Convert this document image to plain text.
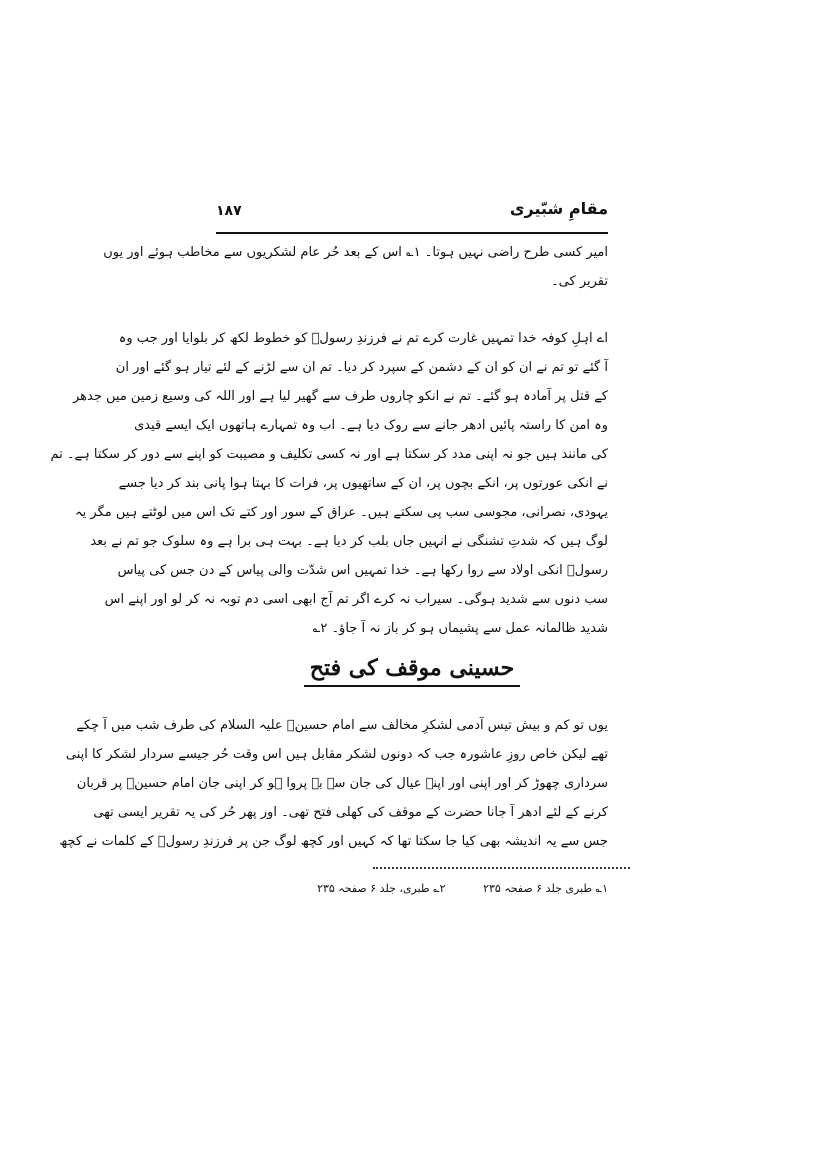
۱۸۷	مقامِ شبّیری
امیر کسی طرح راضی نہیں ہوتا۔ ۱؎ اس کے بعد حُر عام لشکریوں سے مخاطب ہوئے اور یوں
تقریر کی۔
اے اہلِ کوفہ خدا تمہیں غارت کرے تم نے فرزندِ رسولؐ کو خطوط لکھ کر بلوایا اور جب وہ
آ گئے تو تم نے ان کو ان کے دشمن کے سپرد کر دیا۔ تم ان سے لڑنے کے لئے تیار ہو گئے اور ان
کے قتل پر آمادہ ہو گئے۔ تم نے انکو چاروں طرف سے گھیر لیا ہے اور اللہ کی وسیع زمین میں جدھر
وہ امن کا راستہ پائیں ادھر جانے سے روک دیا ہے۔ اب وہ تمہارے ہاتھوں ایک ایسے قیدی
کی مانند ہیں جو نہ اپنی مدد کر سکتا ہے اور نہ کسی تکلیف و مصیبت کو اپنے سے دور کر سکتا ہے۔ تم
نے انکی عورتوں پر، انکے بچوں پر، ان کے ساتھیوں پر، فرات کا بہتا ہوا پانی بند کر دیا جسے
یہودی، نصرانی، مجوسی سب پی سکتے ہیں۔ عراق کے سور اور کتے تک اس میں لوٹتے ہیں مگر یہ
لوگ ہیں کہ شدتِ تشنگی نے انہیں جاں بلب کر دیا ہے۔ بہت ہی برا ہے وہ سلوک جو تم نے بعد
رسولؐ انکی اولاد سے روا رکھا ہے۔ خدا تمہیں اس شدّت والی پیاس کے دن جس کی پیاس
سب دنوں سے شدید ہوگی۔ سیراب نہ کرے اگر تم آج ابھی اسی دم توبہ نہ کر لو اور اپنے اس
شدید ظالمانہ عمل سے پشیماں ہو کر باز نہ آ جاؤ۔ ۲؎
حسینی موقف کی فتح
یوں تو کم و بیش تیس آدمی لشکرِ مخالف سے امام حسینؑ علیہ السلام کی طرف شب میں آ چکے
تھے لیکن خاص روزِ عاشورہ جب کہ دونوں لشکر مقابل ہیں اس وقت حُر جیسے سردار لشکر کا اپنی
سرداری چھوڑ کر اور اپنی اور اپنے عیال کی جان سے بے پروا ہو کر اپنی جان امام حسینؑ پر قربان
کرنے کے لئے ادھر آ جانا حضرت کے موقف کی کھلی فتح تھی۔ اور پھر حُر کی یہ تقریر ایسی تھی
جس سے یہ اندیشہ بھی کیا جا سکتا تھا کہ کہیں اور کچھ لوگ جن پر فرزندِ رسولؐ کے کلمات نے کچھ
۱؎ طبری جلد ۶ صفحہ ۲۳۵ ۲؎ طبری، جلد ۶ صفحہ ۲۳۵
